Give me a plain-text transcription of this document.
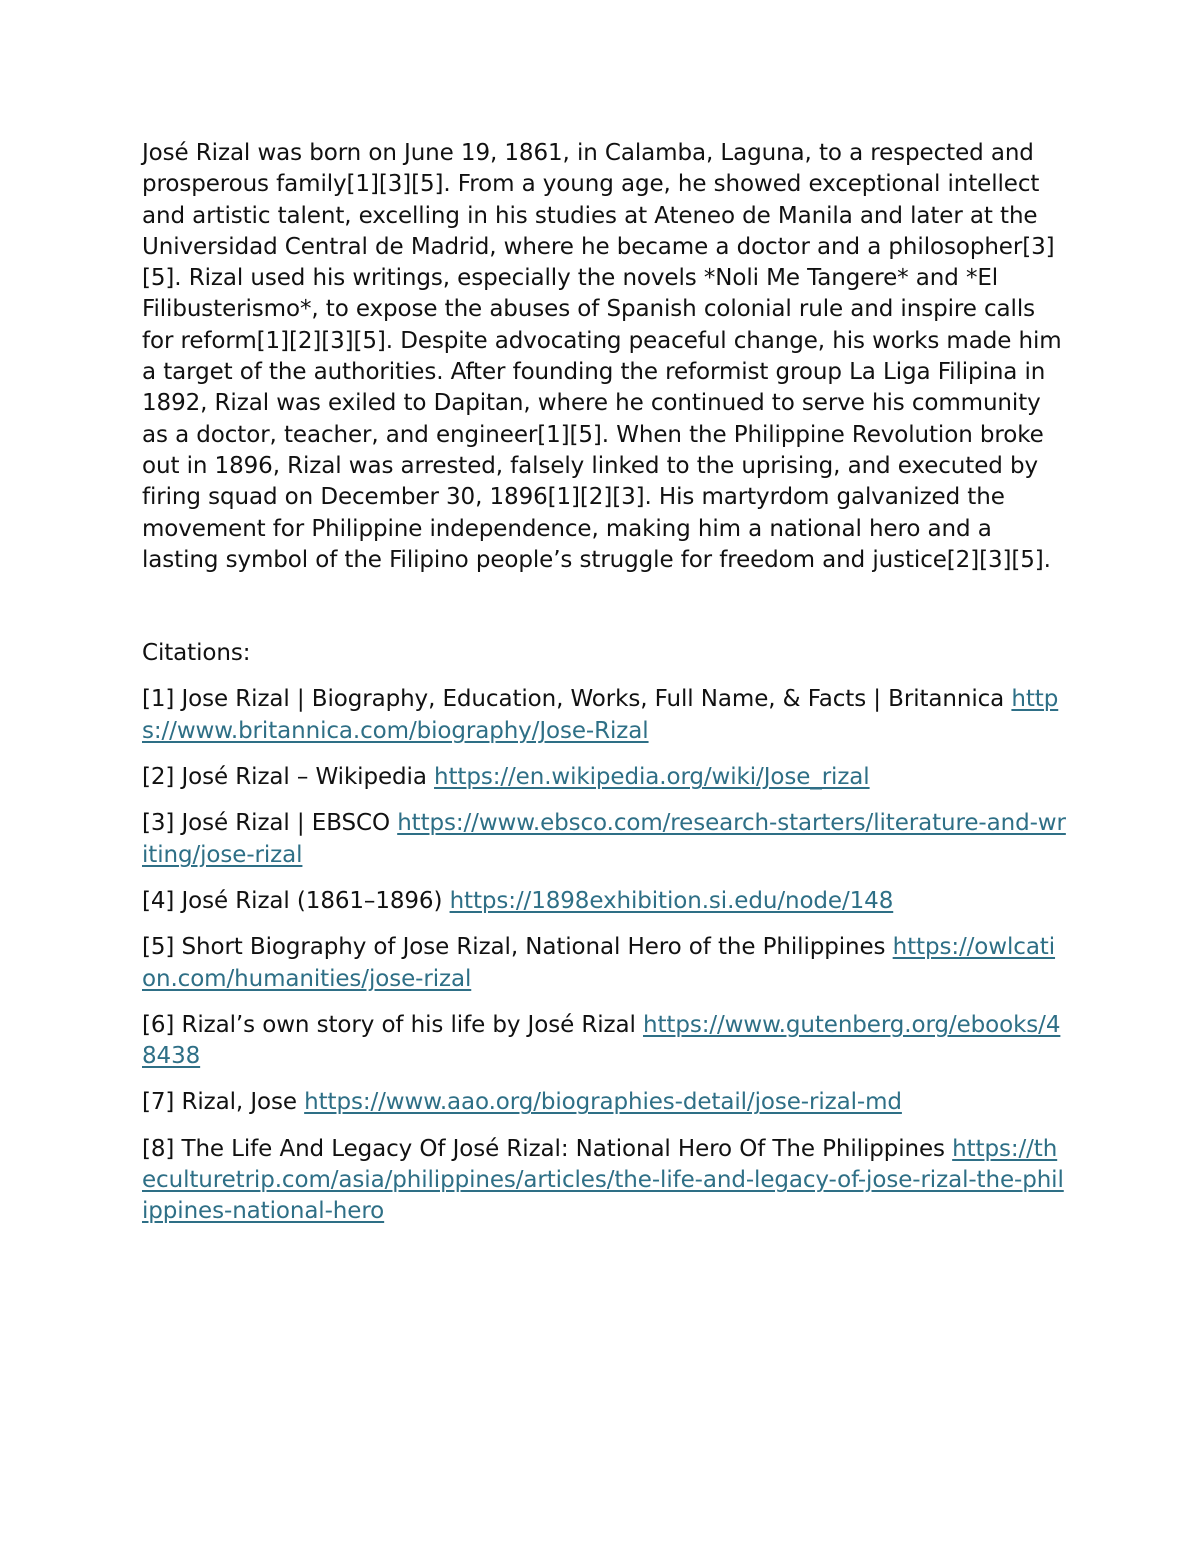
José Rizal was born on June 19, 1861, in Calamba, Laguna, to a respected and prosperous family[1][3][5]. From a young age, he showed exceptional intellect and artistic talent, excelling in his studies at Ateneo de Manila and later at the Universidad Central de Madrid, where he became a doctor and a philosopher[3][5]. Rizal used his writings, especially the novels *Noli Me Tangere* and *El Filibusterismo*, to expose the abuses of Spanish colonial rule and inspire calls for reform[1][2][3][5]. Despite advocating peaceful change, his works made him a target of the authorities. After founding the reformist group La Liga Filipina in 1892, Rizal was exiled to Dapitan, where he continued to serve his community as a doctor, teacher, and engineer[1][5]. When the Philippine Revolution broke out in 1896, Rizal was arrested, falsely linked to the uprising, and executed by firing squad on December 30, 1896[1][2][3]. His martyrdom galvanized the movement for Philippine independence, making him a national hero and a lasting symbol of the Filipino people’s struggle for freedom and justice[2][3][5].

Citations:

[1] Jose Rizal | Biography, Education, Works, Full Name, & Facts | Britannica https://www.britannica.com/biography/Jose-Rizal

[2] José Rizal – Wikipedia https://en.wikipedia.org/wiki/Jose_rizal

[3] José Rizal | EBSCO https://www.ebsco.com/research-starters/literature-and-writing/jose-rizal

[4] José Rizal (1861–1896) https://1898exhibition.si.edu/node/148

[5] Short Biography of Jose Rizal, National Hero of the Philippines https://owlcation.com/humanities/jose-rizal

[6] Rizal’s own story of his life by José Rizal https://www.gutenberg.org/ebooks/48438

[7] Rizal, Jose https://www.aao.org/biographies-detail/jose-rizal-md

[8] The Life And Legacy Of José Rizal: National Hero Of The Philippines https://theculturetrip.com/asia/philippines/articles/the-life-and-legacy-of-jose-rizal-the-philippines-national-hero
